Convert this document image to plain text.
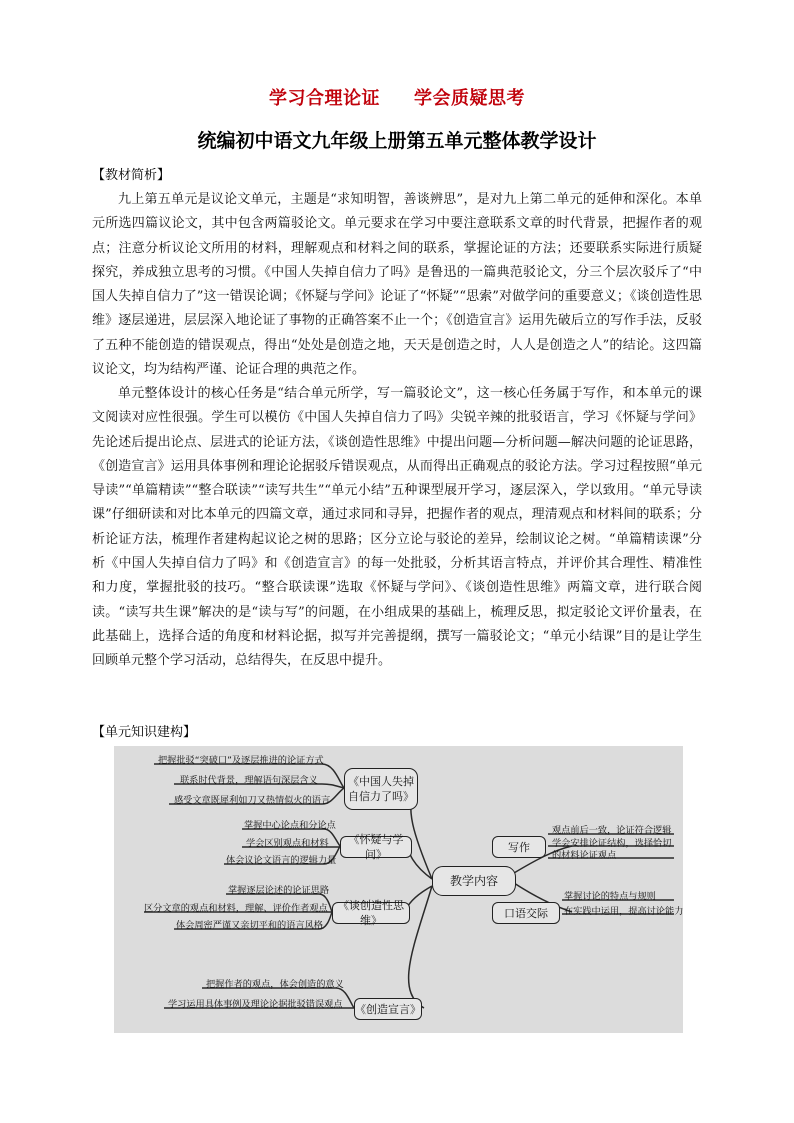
学习合理论证 学会质疑思考
统编初中语文九年级上册第五单元整体教学设计
【教材简析】

九上第五单元是议论文单元，主题是“求知明智，善谈辨思”，是对九上第二单元的延伸和深化。本单元所选四篇议论文，其中包含两篇驳论文。单元要求在学习中要注意联系文章的时代背景，把握作者的观点；注意分析议论文所用的材料，理解观点和材料之间的联系，掌握论证的方法；还要联系实际进行质疑探究，养成独立思考的习惯。《中国人失掉自信力了吗》是鲁迅的一篇典范驳论文，分三个层次驳斥了“中国人失掉自信力了”这一错误论调；《怀疑与学问》论证了“怀疑”“思索”对做学问的重要意义；《谈创造性思维》逐层递进，层层深入地论证了事物的正确答案不止一个；《创造宣言》运用先破后立的写作手法，反驳了五种不能创造的错误观点，得出“处处是创造之地，天天是创造之时，人人是创造之人”的结论。这四篇议论文，均为结构严谨、论证合理的典范之作。

单元整体设计的核心任务是“结合单元所学，写一篇驳论文”，这一核心任务属于写作，和本单元的课文阅读对应性很强。学生可以模仿《中国人失掉自信力了吗》尖锐辛辣的批驳语言，学习《怀疑与学问》先论述后提出论点、层进式的论证方法，《谈创造性思维》中提出问题—分析问题—解决问题的论证思路，《创造宣言》运用具体事例和理论论据驳斥错误观点，从而得出正确观点的驳论方法。学习过程按照“单元导读”“单篇精读”“整合联读”“读写共生”“单元小结”五种课型展开学习，逐层深入，学以致用。“单元导读课”仔细研读和对比本单元的四篇文章，通过求同和寻异，把握作者的观点，理清观点和材料间的联系；分析论证方法，梳理作者建构起议论之树的思路；区分立论与驳论的差异，绘制议论之树。“单篇精读课”分析《中国人失掉自信力了吗》和《创造宣言》的每一处批驳，分析其语言特点，并评价其合理性、精准性和力度，掌握批驳的技巧。“整合联读课”选取《怀疑与学问》、《谈创造性思维》两篇文章，进行联合阅读。“读写共生课”解决的是“读与写”的问题，在小组成果的基础上，梳理反思，拟定驳论文评价量表，在此基础上，选择合适的角度和材料论据，拟写并完善提纲，撰写一篇驳论文；“单元小结课”目的是让学生回顾单元整个学习活动，总结得失，在反思中提升。

【单元知识建构】
把握批驳“突破口”及逐层推进的论证方式
联系时代背景，理解语句深层含义
感受文章既犀利如刀又热情似火的语言
《中国人失掉
自信力了吗》
掌握中心论点和分论点
学会区别观点和材料
体会议论文语言的逻辑力量
《怀疑与学问》
掌握逐层论述的论证思路
区分文章的观点和材料，理解、评价作者观点
体会周密严谨又亲切平和的语言风格
《谈创造性思维》
把握作者的观点，体会创造的意义
学习运用具体事例及理论论据批驳错误观点 《创造宣言》
教学内容
写作
观点前后一致，论证符合逻辑
学会安排论证结构，选择恰切
的材料论证观点
口语交际
掌握讨论的特点与规则
在实践中运用，提高讨论能力
